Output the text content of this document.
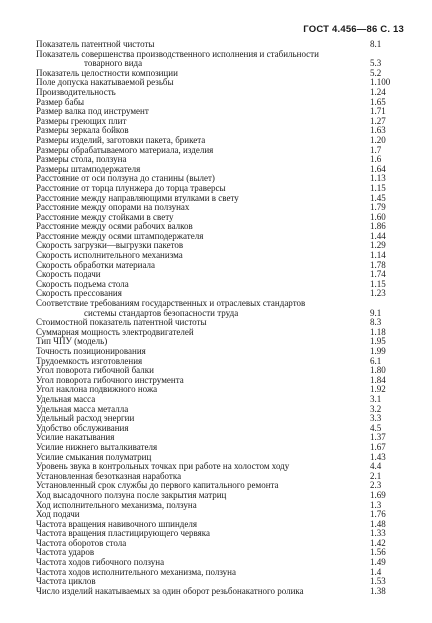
ГОСТ 4.456—86 С. 13
Показатель патентной чистоты	8.1
Показатель совершенства производственного исполнения и стабильности
товарного вида	5.3
Показатель целостности композиции	5.2
Поле допуска накатываемой резьбы	1.100
Производительность	1.24
Размер бабы	1.65
Размер валка под инструмент	1.71
Размеры греющих плит	1.27
Размеры зеркала бойков	1.63
Размеры изделий, заготовки пакета, брикета	1.20
Размеры обрабатываемого материала, изделия	1.7
Размеры стола, ползуна	1.6
Размеры штамподержателя	1.64
Расстояние от оси ползуна до станины (вылет)	1.13
Расстояние от торца плунжера до торца траверсы	1.15
Расстояние между направляющими втулками в свету	1.45
Расстояние между опорами на ползунах	1.79
Расстояние между стойками в свету	1.60
Расстояние между осями рабочих валков	1.86
Расстояние между осями штамподержателя	1.44
Скорость загрузки—выгрузки пакетов	1.29
Скорость исполнительного механизма	1.14
Скорость обработки материала	1.78
Скорость подачи	1.74
Скорость подъема стола	1.15
Скорость прессования	1.23
Соответствие требованиям государственных и отраслевых стандартов
системы стандартов безопасности труда	9.1
Стоимостной показатель патентной чистоты	8.3
Суммарная мощность электродвигателей	1.18
Тип ЧПУ (модель)	1.95
Точность позиционирования	1.99
Трудоемкость изготовления	6.1
Угол поворота гибочной балки	1.80
Угол поворота гибочного инструмента	1.84
Угол наклона подвижного ножа	1.92
Удельная масса	3.1
Удельная масса металла	3.2
Удельный расход энергии	3.3
Удобство обслуживания	4.5
Усилие накатывания	1.37
Усилие нижнего выталкивателя	1.67
Усилие смыкания полуматриц	1.43
Уровень звука в контрольных точках при работе на холостом ходу	4.4
Установленная безотказная наработка	2.1
Установленный срок службы до первого капитального ремонта	2.3
Ход высадочного ползуна после закрытия матриц	1.69
Ход исполнительного механизма, ползуна	1.3
Ход подачи	1.76
Частота вращения навивочного шпинделя	1.48
Частота вращения пластицирующего червяка	1.33
Частота оборотов стола	1.42
Частота ударов	1.56
Частота ходов гибочного ползуна	1.49
Частота ходов исполнительного механизма, ползуна	1.4
Частота циклов	1.53
Число изделий накатываемых за один оборот резьбонакатного ролика	1.38
